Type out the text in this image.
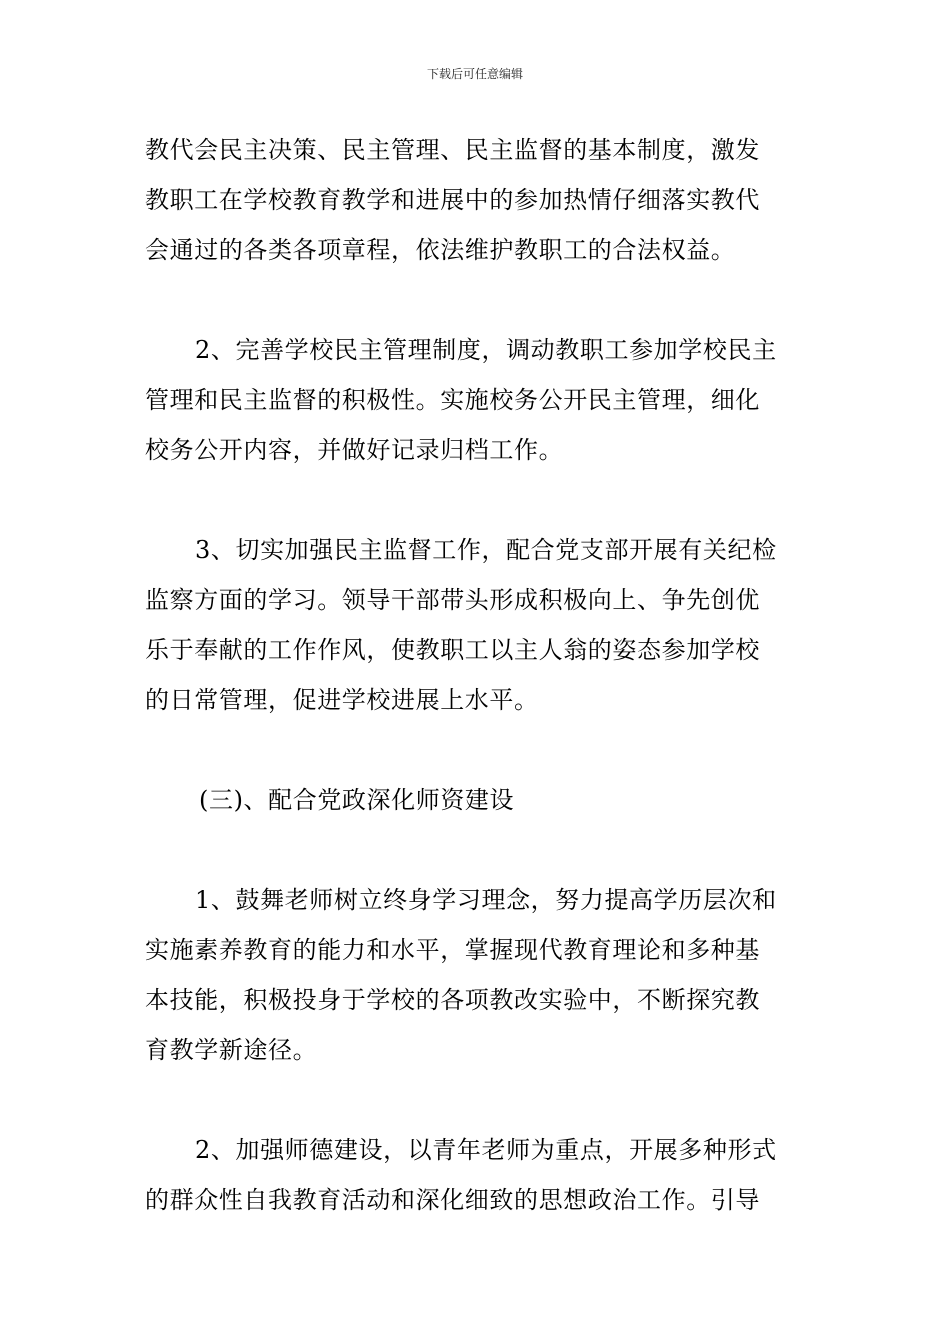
下载后可任意编辑

教代会民主决策、民主管理、民主监督的基本制度，激发
教职工在学校教育教学和进展中的参加热情仔细落实教代
会通过的各类各项章程，依法维护教职工的合法权益。

2、完善学校民主管理制度，调动教职工参加学校民主
管理和民主监督的积极性。实施校务公开民主管理，细化
校务公开内容，并做好记录归档工作。

3、切实加强民主监督工作，配合党支部开展有关纪检
监察方面的学习。领导干部带头形成积极向上、争先创优
乐于奉献的工作作风，使教职工以主人翁的姿态参加学校
的日常管理，促进学校进展上水平。

(三)、配合党政深化师资建设

1、鼓舞老师树立终身学习理念，努力提高学历层次和
实施素养教育的能力和水平，掌握现代教育理论和多种基
本技能，积极投身于学校的各项教改实验中，不断探究教
育教学新途径。

2、加强师德建设，以青年老师为重点，开展多种形式
的群众性自我教育活动和深化细致的思想政治工作。引导
